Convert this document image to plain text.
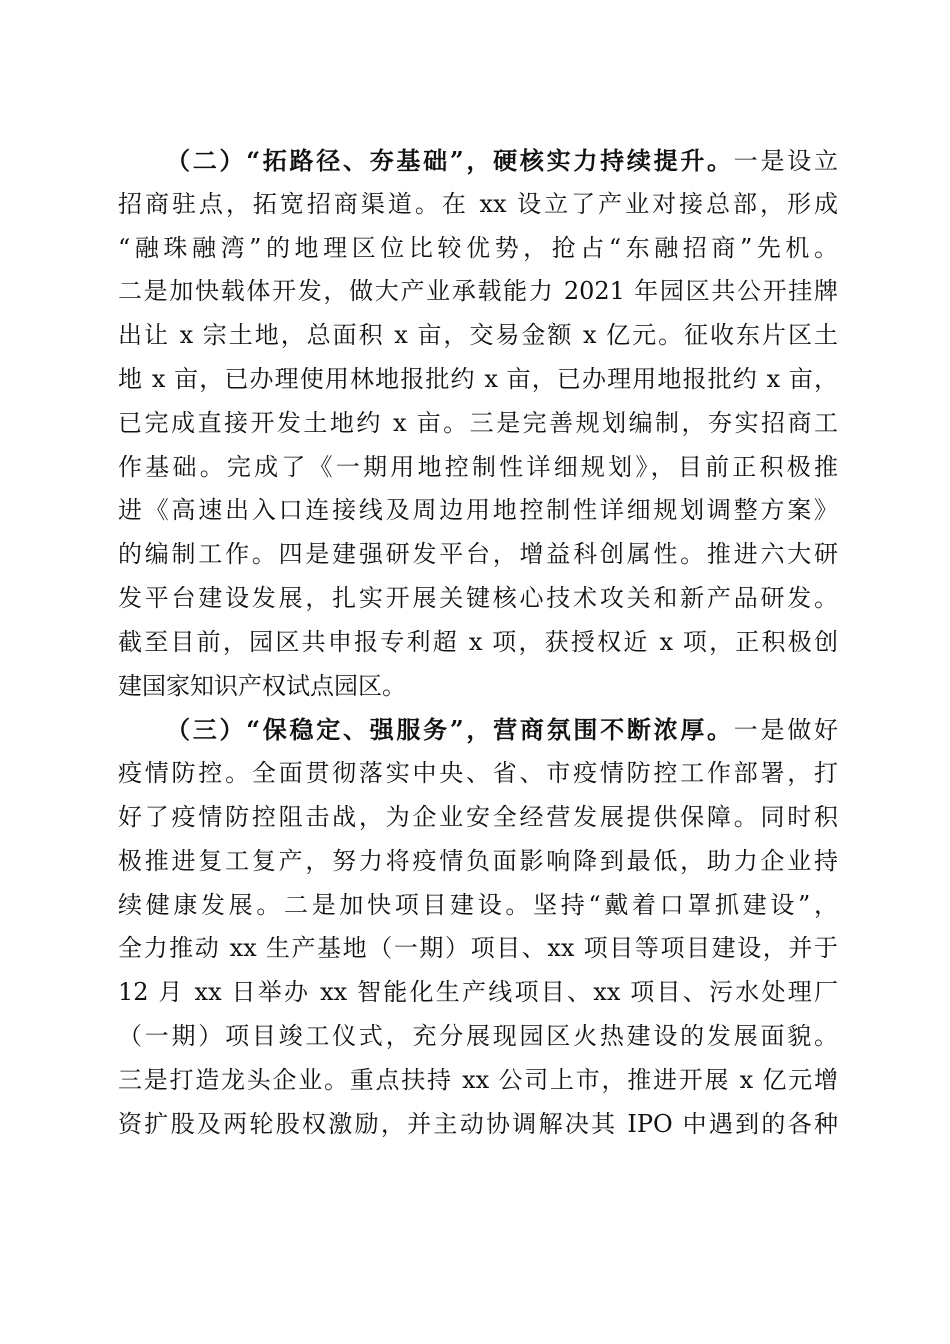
（二）“拓路径、夯基础”，硬核实力持续提升。一是设立
招商驻点，拓宽招商渠道。在 xx 设立了产业对接总部，形成
“融珠融湾”的地理区位比较优势，抢占“东融招商”先机。
二是加快载体开发，做大产业承载能力 2021 年园区共公开挂牌
出让 x 宗土地，总面积 x 亩，交易金额 x 亿元。征收东片区土
地 x 亩，已办理使用林地报批约 x 亩，已办理用地报批约 x 亩，
已完成直接开发土地约 x 亩。三是完善规划编制，夯实招商工
作基础。完成了《一期用地控制性详细规划》，目前正积极推
进《高速出入口连接线及周边用地控制性详细规划调整方案》
的编制工作。四是建强研发平台，增益科创属性。推进六大研
发平台建设发展，扎实开展关键核心技术攻关和新产品研发。
截至目前，园区共申报专利超 x 项，获授权近 x 项，正积极创
建国家知识产权试点园区。
（三）“保稳定、强服务”，营商氛围不断浓厚。一是做好
疫情防控。全面贯彻落实中央、省、市疫情防控工作部署，打
好了疫情防控阻击战，为企业安全经营发展提供保障。同时积
极推进复工复产，努力将疫情负面影响降到最低，助力企业持
续健康发展。二是加快项目建设。坚持“戴着口罩抓建设”，
全力推动 xx 生产基地（一期）项目、xx 项目等项目建设，并于
12 月 xx 日举办 xx 智能化生产线项目、xx 项目、污水处理厂
（一期）项目竣工仪式，充分展现园区火热建设的发展面貌。
三是打造龙头企业。重点扶持 xx 公司上市，推进开展 x 亿元增
资扩股及两轮股权激励，并主动协调解决其 IPO 中遇到的各种
